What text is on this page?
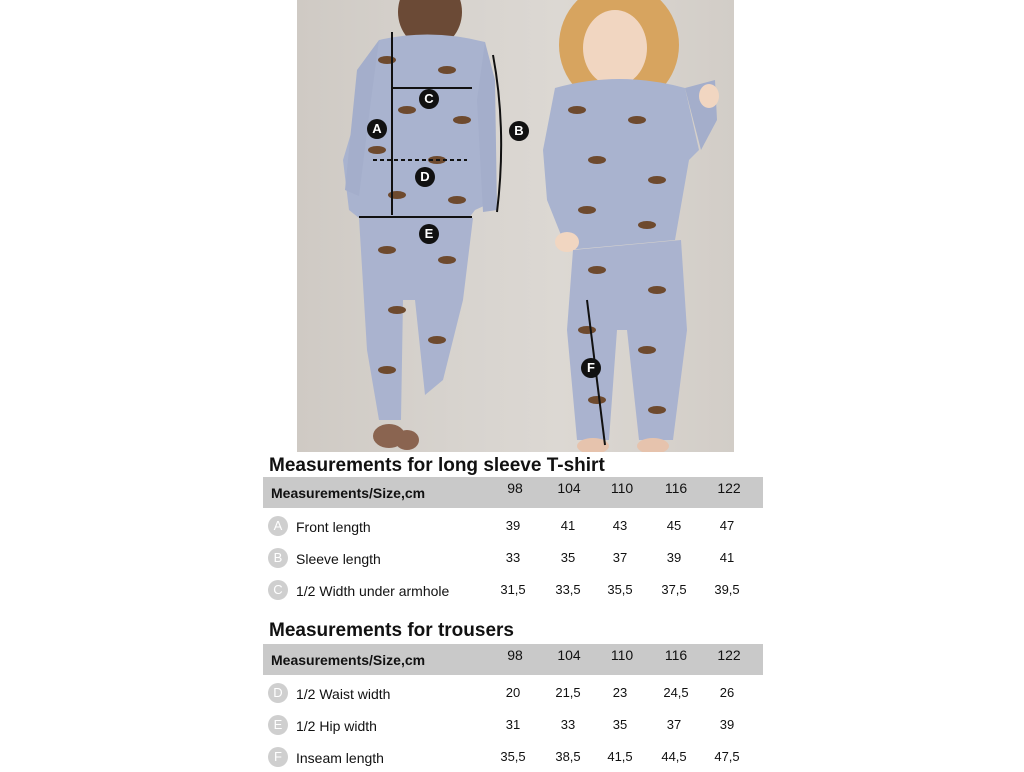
A	B
C
D
E
F
Measurements for long sleeve T-shirt
Measurements/Size,cm	98	104	110	116	122
A Front length	39	41	43	45	47
B Sleeve length	33	35	37	39	41
C 1/2 Width under armhole	31,5	33,5	35,5	37,5	39,5
Measurements for trousers
Measurements/Size,cm	98	104	110	116	122
D 1/2 Waist width	20	21,5	23	24,5	26
E 1/2 Hip width	31	33	35	37	39
F	Inseam length	35,5	38,5	41,5	44,5	47,5
